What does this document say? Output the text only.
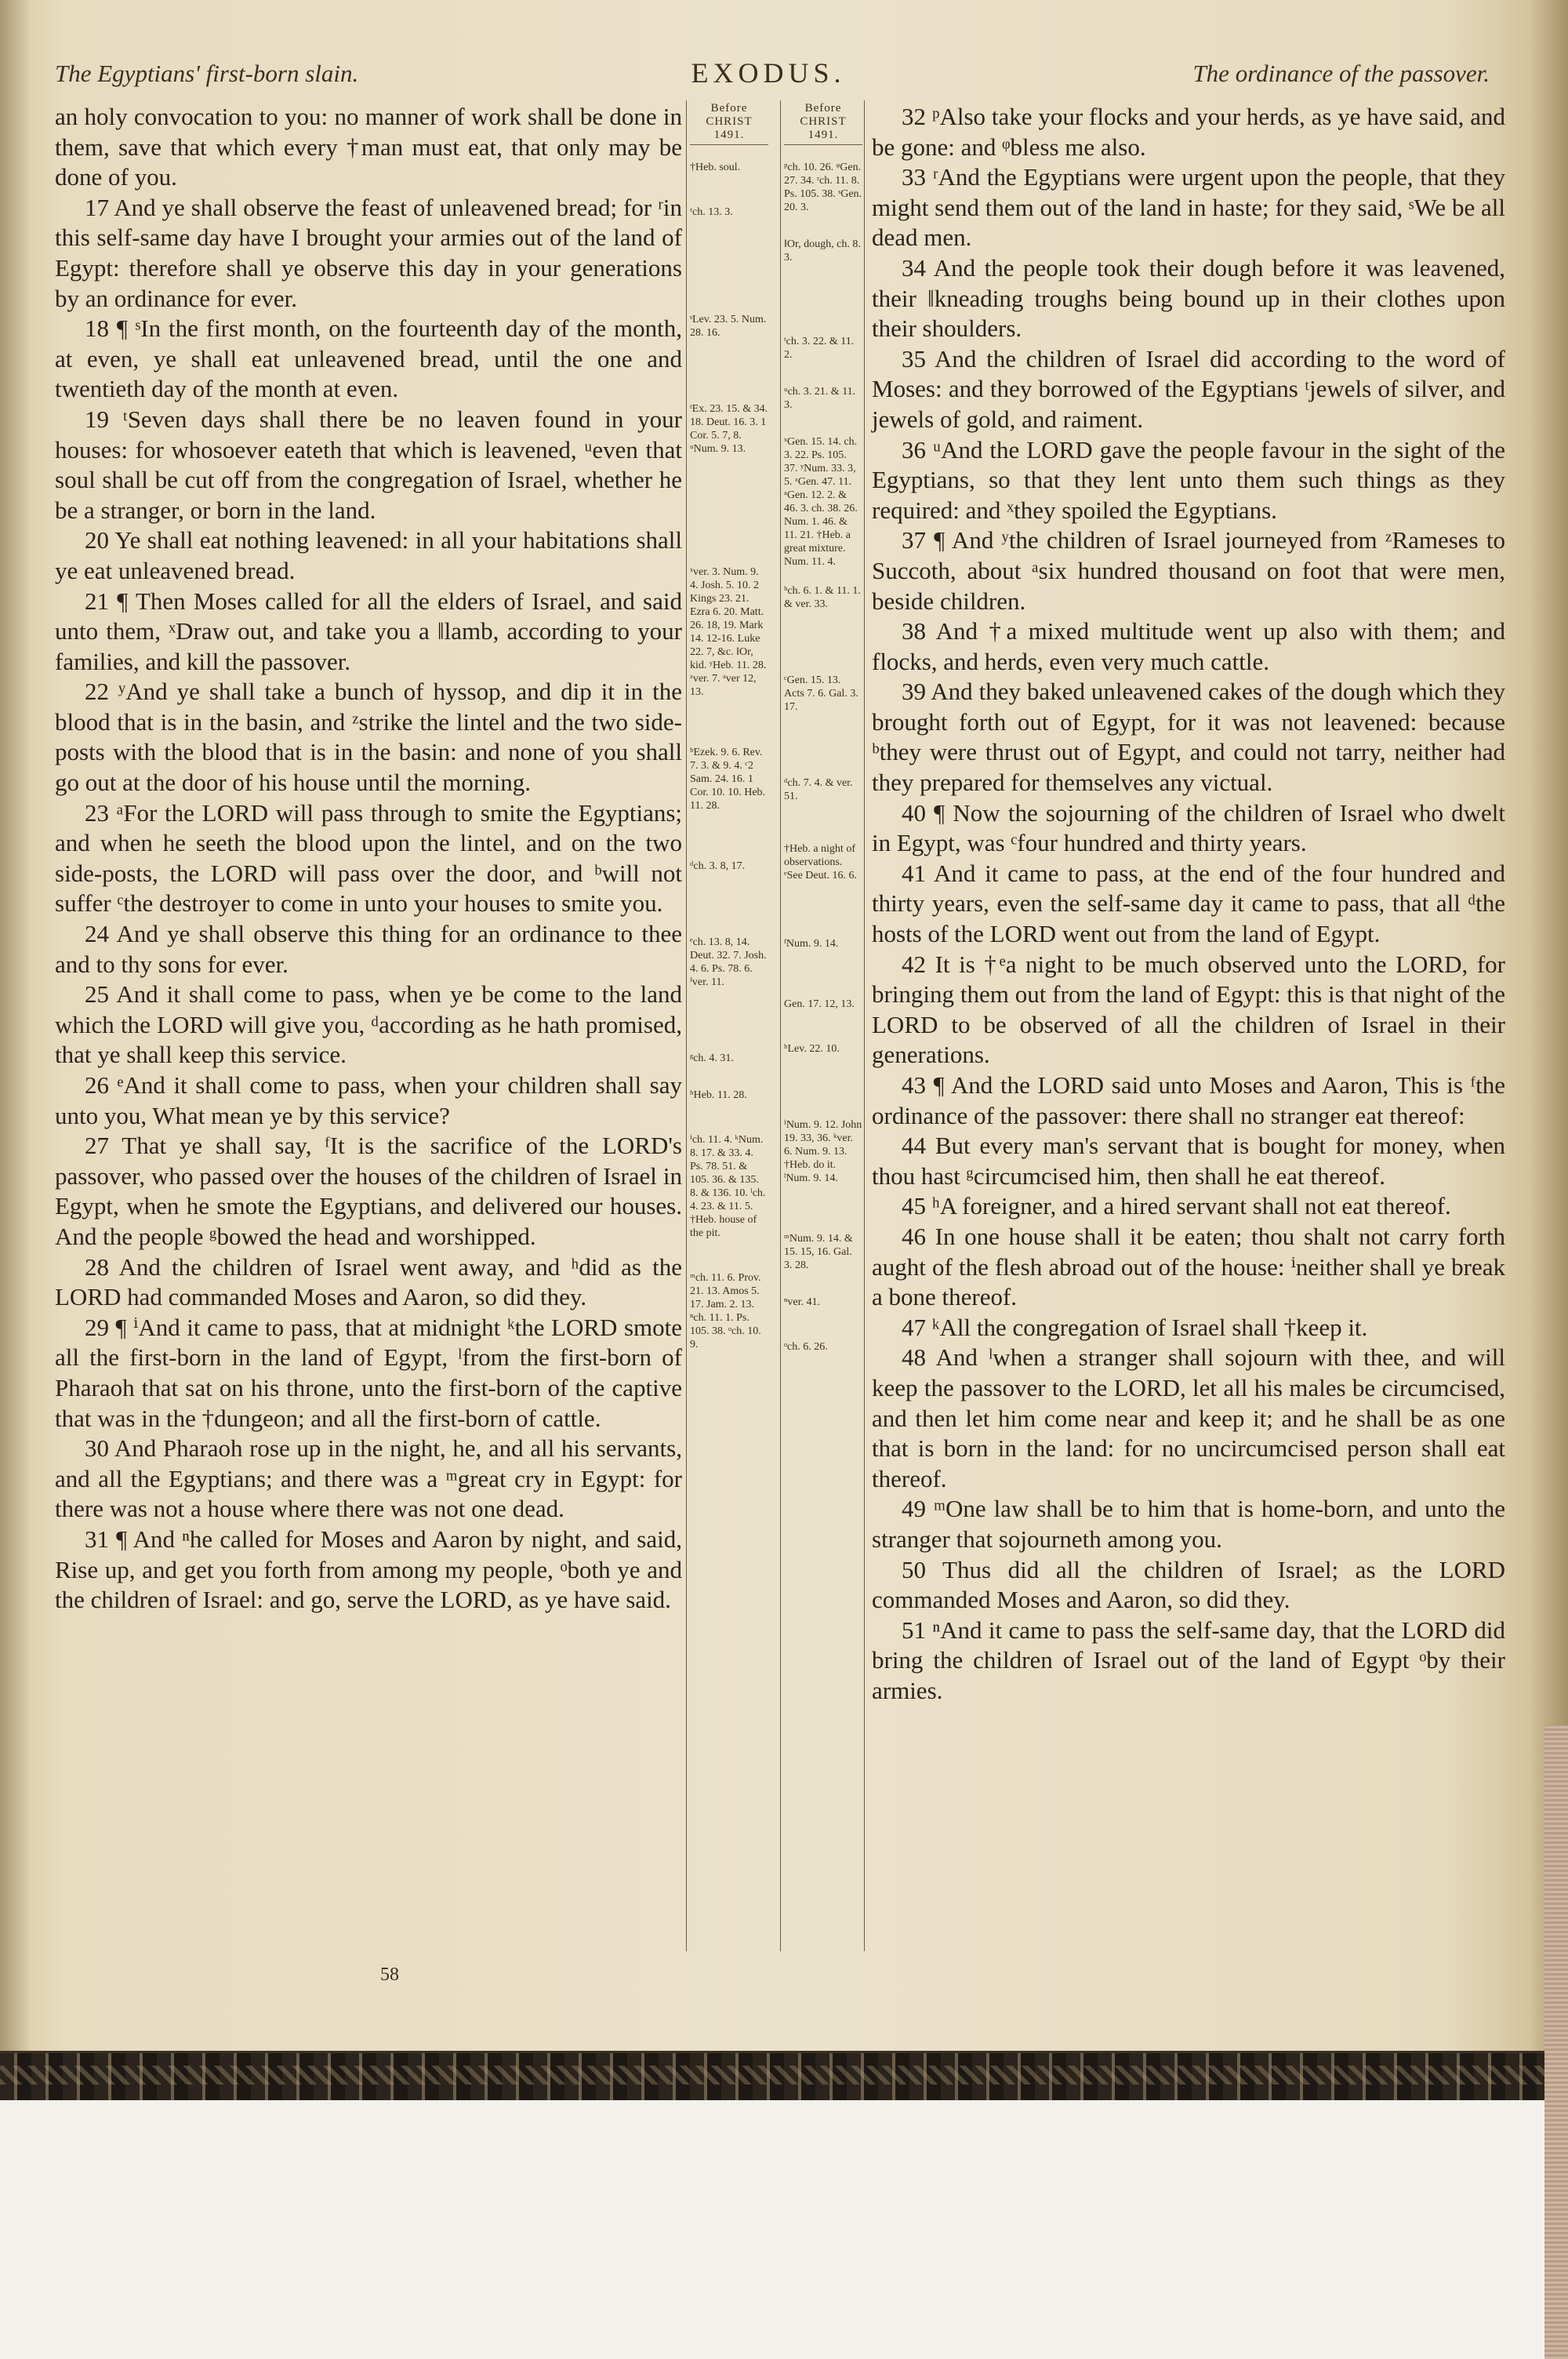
The Egyptians' first-born slain.	EXODUS.	The ordinance of the passover.

an holy convocation to you: no manner of work shall be done in them, save that which every †man must eat, that only may be done of you.

17 And ye shall observe the feast of unleavened bread; for ʳin this self-same day have I brought your armies out of the land of Egypt: therefore shall ye observe this day in your generations by an ordinance for ever.

18 ¶ ˢIn the first month, on the fourteenth day of the month, at even, ye shall eat unleavened bread, until the one and twentieth day of the month at even.

19 ᵗSeven days shall there be no leaven found in your houses: for whosoever eateth that which is leavened, ᵘeven that soul shall be cut off from the congregation of Israel, whether he be a stranger, or born in the land.

20 Ye shall eat nothing leavened: in all your habitations shall ye eat unleavened bread.

21 ¶ Then Moses called for all the elders of Israel, and said unto them, ˣDraw out, and take you a ‖lamb, according to your families, and kill the passover.

22 ʸAnd ye shall take a bunch of hyssop, and dip it in the blood that is in the basin, and ᶻstrike the lintel and the two side-posts with the blood that is in the basin: and none of you shall go out at the door of his house until the morning.

23 ᵃFor the LORD will pass through to smite the Egyptians; and when he seeth the blood upon the lintel, and on the two side-posts, the LORD will pass over the door, and ᵇwill not suffer ᶜthe destroyer to come in unto your houses to smite you.

24 And ye shall observe this thing for an ordinance to thee and to thy sons for ever.

25 And it shall come to pass, when ye be come to the land which the LORD will give you, ᵈaccording as he hath promised, that ye shall keep this service.

26 ᵉAnd it shall come to pass, when your children shall say unto you, What mean ye by this service?

27 That ye shall say, ᶠIt is the sacrifice of the LORD's passover, who passed over the houses of the children of Israel in Egypt, when he smote the Egyptians, and delivered our houses. And the people ᵍbowed the head and worshipped.

28 And the children of Israel went away, and ʰdid as the LORD had commanded Moses and Aaron, so did they.

29 ¶ ⁱAnd it came to pass, that at midnight ᵏthe LORD smote all the first-born in the land of Egypt, ˡfrom the first-born of Pharaoh that sat on his throne, unto the first-born of the captive that was in the †dungeon; and all the first-born of cattle.

30 And Pharaoh rose up in the night, he, and all his servants, and all the Egyptians; and there was a ᵐgreat cry in Egypt: for there was not a house where there was not one dead.

31 ¶ And ⁿhe called for Moses and Aaron by night, and said, Rise up, and get you forth from among my people, ᵒboth ye and the children of Israel: and go, serve the LORD, as ye have said.

Before
CHRIST
1491.
†Heb. soul.
ʳch. 13. 3.
ˢLev. 23. 5. Num. 28. 16.
ᵗEx. 23. 15. & 34. 18. Deut. 16. 3. 1 Cor. 5. 7, 8. ᵘNum. 9. 13.
ˣver. 3. Num. 9. 4. Josh. 5. 10. 2 Kings 23. 21. Ezra 6. 20. Matt. 26. 18, 19. Mark 14. 12-16. Luke 22. 7, &c. ‖Or, kid. ʸHeb. 11. 28. ᶻver. 7. ᵃver 12, 13.
ᵇEzek. 9. 6. Rev. 7. 3. & 9. 4. ᶜ2 Sam. 24. 16. 1 Cor. 10. 10. Heb. 11. 28.
ᵈch. 3. 8, 17.
ᵉch. 13. 8, 14. Deut. 32. 7. Josh. 4. 6. Ps. 78. 6. ᶠver. 11.
ᵍch. 4. 31.
ʰHeb. 11. 28.
ⁱch. 11. 4. ᵏNum. 8. 17. & 33. 4. Ps. 78. 51. & 105. 36. & 135. 8. & 136. 10. ˡch. 4. 23. & 11. 5. †Heb. house of the pit.
ᵐch. 11. 6. Prov. 21. 13. Amos 5. 17. Jam. 2. 13. ⁿch. 11. 1. Ps. 105. 38. ᵒch. 10. 9.
Before
CHRIST
1491.
ᵖch. 10. 26. ᵠGen. 27. 34. ʳch. 11. 8. Ps. 105. 38. ˢGen. 20. 3.
‖Or, dough, ch. 8. 3.
ᵗch. 3. 22. & 11. 2.
ᵘch. 3. 21. & 11. 3.
ˣGen. 15. 14. ch. 3. 22. Ps. 105. 37. ʸNum. 33. 3, 5. ᶻGen. 47. 11. ᵃGen. 12. 2. & 46. 3. ch. 38. 26. Num. 1. 46. & 11. 21. †Heb. a great mixture. Num. 11. 4.
ᵇch. 6. 1. & 11. 1. & ver. 33.
ᶜGen. 15. 13. Acts 7. 6. Gal. 3. 17.
ᵈch. 7. 4. & ver. 51.
†Heb. a night of observations. ᵉSee Deut. 16. 6.
ᶠNum. 9. 14.
Gen. 17. 12, 13.
ʰLev. 22. 10.
ⁱNum. 9. 12. John 19. 33, 36. ᵏver. 6. Num. 9. 13. †Heb. do it. ˡNum. 9. 14.
ᵐNum. 9. 14. & 15. 15, 16. Gal. 3. 28.
ⁿver. 41.
ᵒch. 6. 26.

32 ᵖAlso take your flocks and your herds, as ye have said, and be gone: and ᵠbless me also.

33 ʳAnd the Egyptians were urgent upon the people, that they might send them out of the land in haste; for they said, ˢWe be all dead men.

34 And the people took their dough before it was leavened, their ‖kneading troughs being bound up in their clothes upon their shoulders.

35 And the children of Israel did according to the word of Moses: and they borrowed of the Egyptians ᵗjewels of silver, and jewels of gold, and raiment.

36 ᵘAnd the LORD gave the people favour in the sight of the Egyptians, so that they lent unto them such things as they required: and ˣthey spoiled the Egyptians.

37 ¶ And ʸthe children of Israel journeyed from ᶻRameses to Succoth, about ᵃsix hundred thousand on foot that were men, beside children.

38 And †a mixed multitude went up also with them; and flocks, and herds, even very much cattle.

39 And they baked unleavened cakes of the dough which they brought forth out of Egypt, for it was not leavened: because ᵇthey were thrust out of Egypt, and could not tarry, neither had they prepared for themselves any victual.

40 ¶ Now the sojourning of the children of Israel who dwelt in Egypt, was ᶜfour hundred and thirty years.

41 And it came to pass, at the end of the four hundred and thirty years, even the self-same day it came to pass, that all ᵈthe hosts of the LORD went out from the land of Egypt.

42 It is †ᵉa night to be much observed unto the LORD, for bringing them out from the land of Egypt: this is that night of the LORD to be observed of all the children of Israel in their generations.

43 ¶ And the LORD said unto Moses and Aaron, This is ᶠthe ordinance of the passover: there shall no stranger eat thereof:

44 But every man's servant that is bought for money, when thou hast ᵍcircumcised him, then shall he eat thereof.

45 ʰA foreigner, and a hired servant shall not eat thereof.

46 In one house shall it be eaten; thou shalt not carry forth aught of the flesh abroad out of the house: ⁱneither shall ye break a bone thereof.

47 ᵏAll the congregation of Israel shall †keep it.

48 And ˡwhen a stranger shall sojourn with thee, and will keep the passover to the LORD, let all his males be circumcised, and then let him come near and keep it; and he shall be as one that is born in the land: for no uncircumcised person shall eat thereof.

49 ᵐOne law shall be to him that is home-born, and unto the stranger that sojourneth among you.

50 Thus did all the children of Israel; as the LORD commanded Moses and Aaron, so did they.

51 ⁿAnd it came to pass the self-same day, that the LORD did bring the children of Israel out of the land of Egypt ᵒby their armies.

58
